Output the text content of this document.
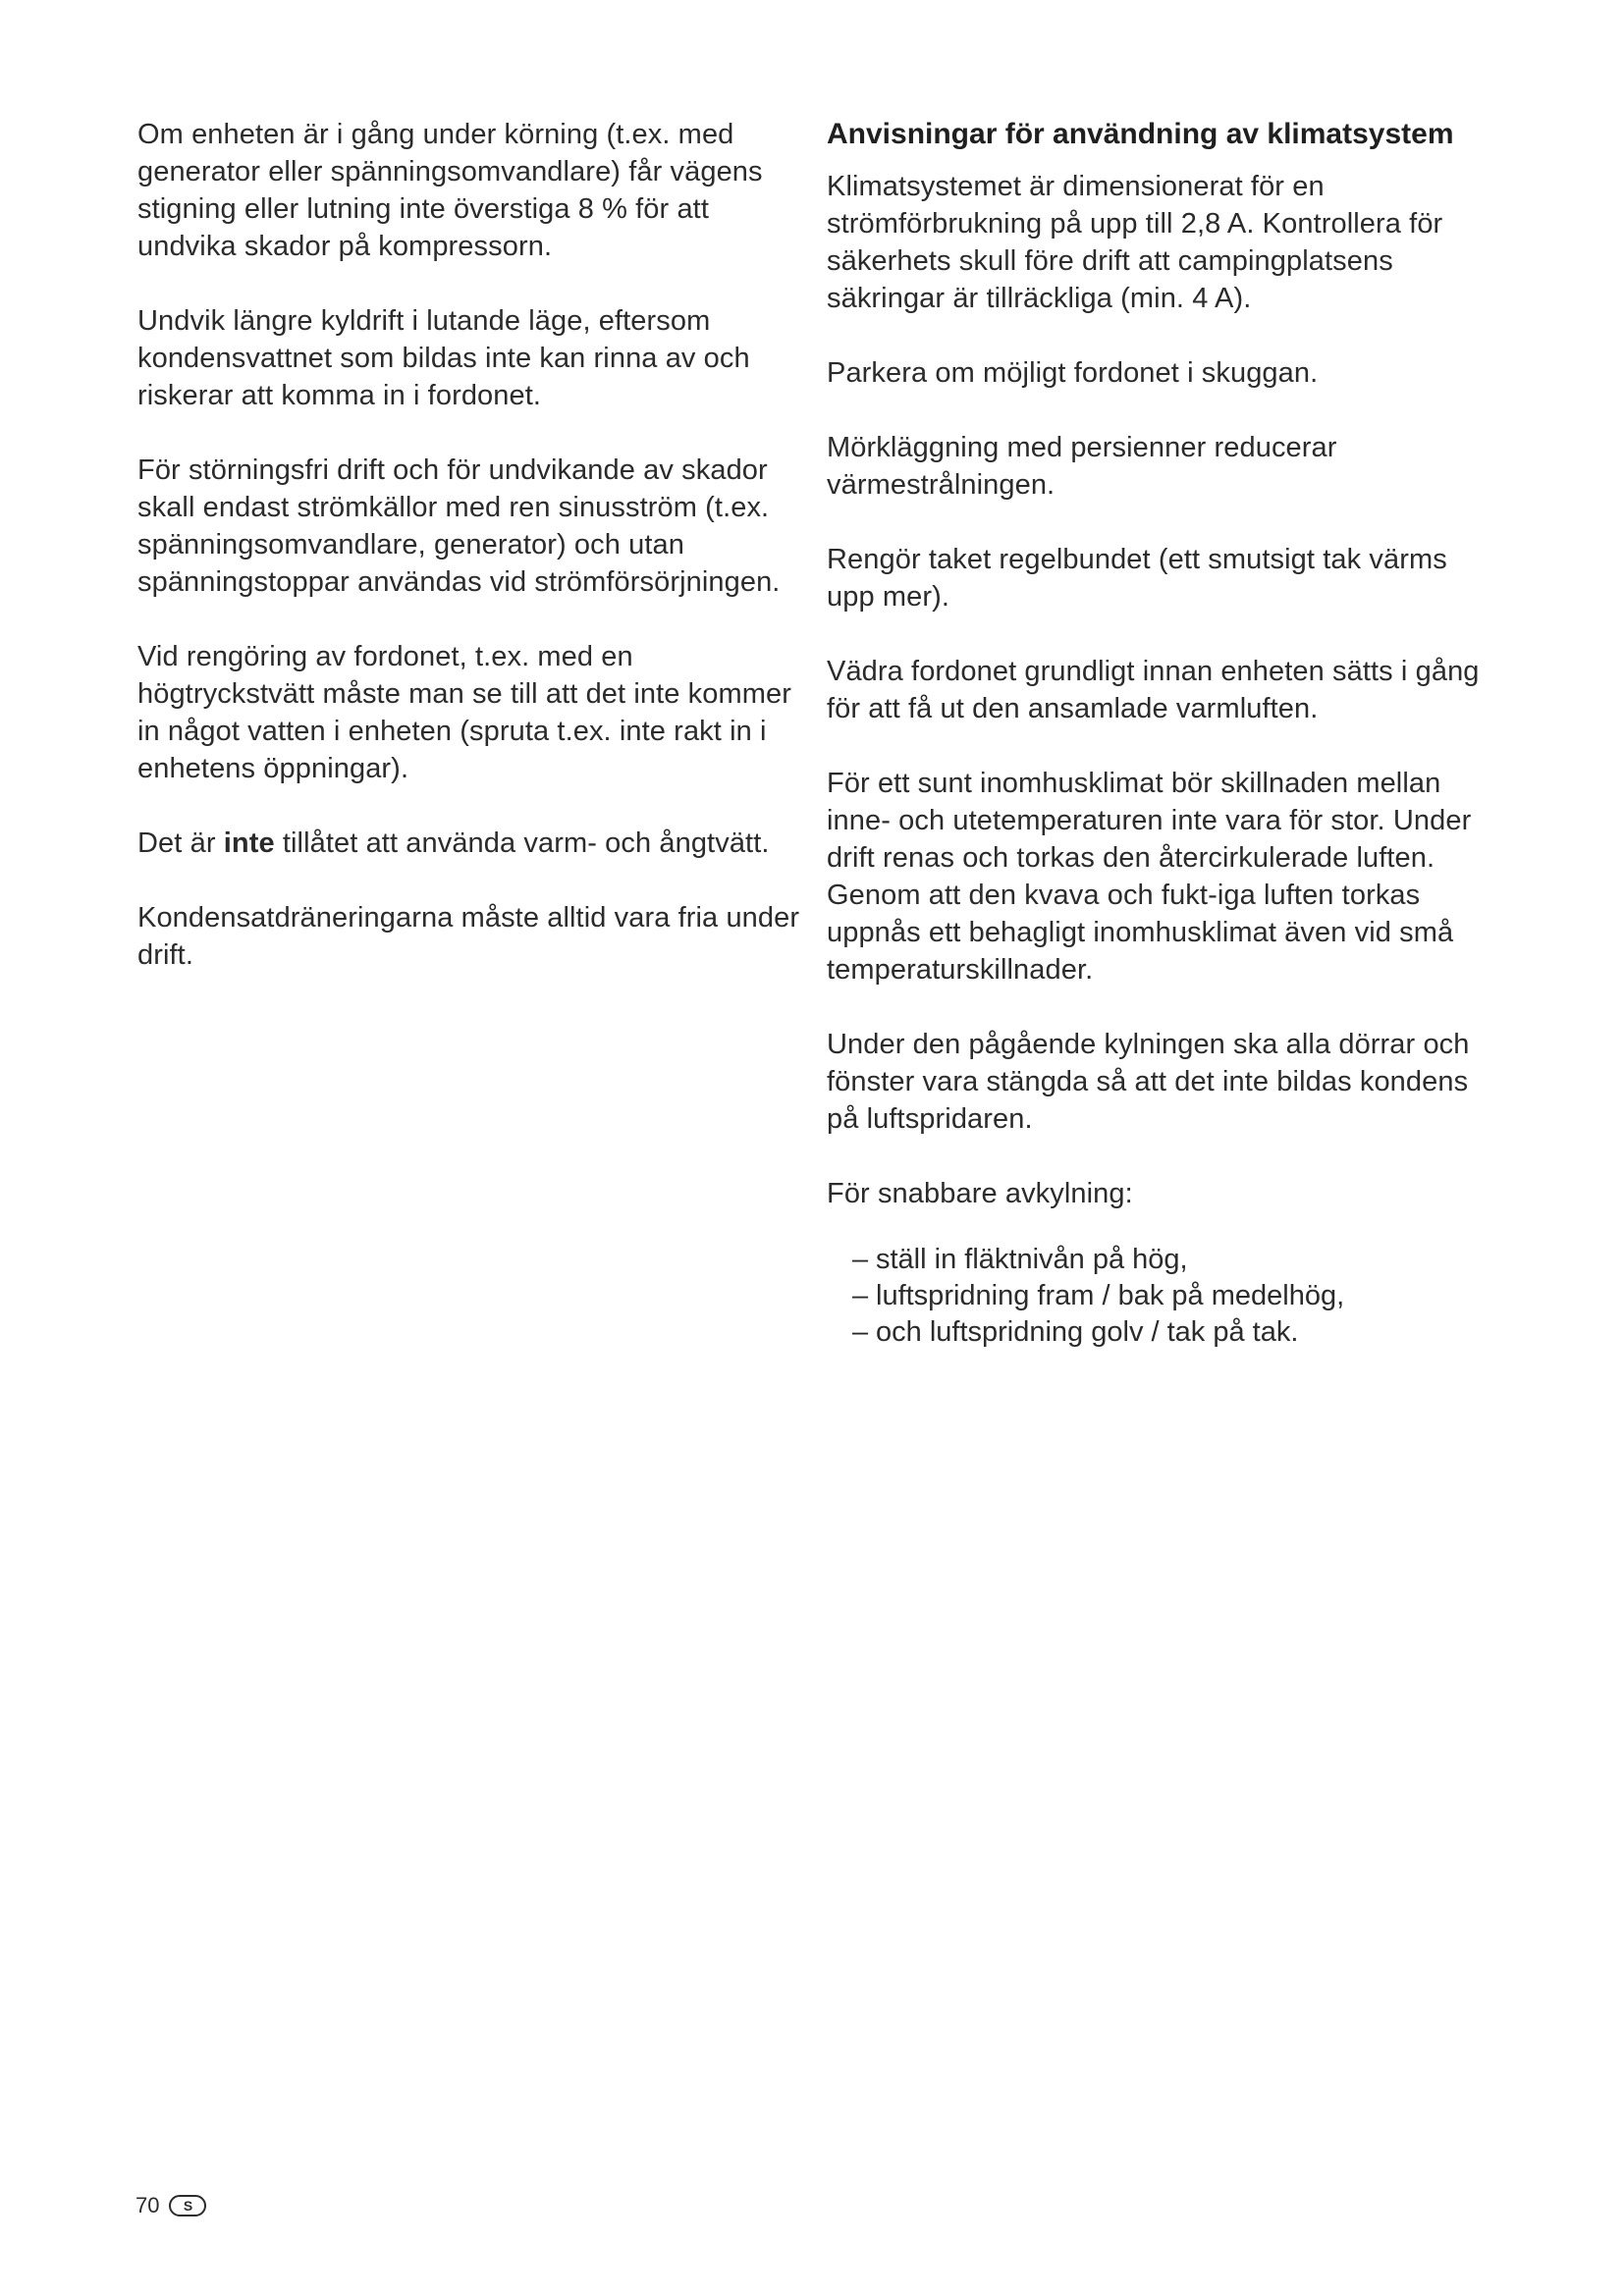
Om enheten är i gång under körning (t.ex. med generator eller spänningsomvandlare) får vägens stigning eller lutning inte överstiga 8 % för att undvika skador på kompressorn.

Undvik längre kyldrift i lutande läge, eftersom kondensvattnet som bildas inte kan rinna av och riskerar att komma in i fordonet.

För störningsfri drift och för undvikande av skador skall endast strömkällor med ren sinusström (t.ex. spänningsomvandlare, generator) och utan spänningstoppar användas vid strömförsörjningen.

Vid rengöring av fordonet, t.ex. med en högtryckstvätt måste man se till att det inte kommer in något vatten i enheten (spruta t.ex. inte rakt in i enhetens öppningar).

Det är inte tillåtet att använda varm- och ångtvätt.

Kondensatdräneringarna måste alltid vara fria under drift.

Anvisningar för användning av klimatsystem

Klimatsystemet är dimensionerat för en strömförbrukning på upp till 2,8 A. Kontrollera för säkerhets skull före drift att campingplatsens säkringar är tillräckliga (min. 4 A).

Parkera om möjligt fordonet i skuggan.

Mörkläggning med persienner reducerar värmestrålningen.

Rengör taket regelbundet (ett smutsigt tak värms upp mer).

Vädra fordonet grundligt innan enheten sätts i gång för att få ut den ansamlade varmluften.

För ett sunt inomhusklimat bör skillnaden mellan inne- och utetemperaturen inte vara för stor. Under drift renas och torkas den återcirkulerade luften. Genom att den kvava och fukt-iga luften torkas uppnås ett behagligt inomhusklimat även vid små temperaturskillnader.

Under den pågående kylningen ska alla dörrar och fönster vara stängda så att det inte bildas kondens på luftspridaren.

För snabbare avkylning:

– ställ in fläktnivån på hög,
– luftspridning fram / bak på medelhög,
– och luftspridning golv / tak på tak.
70	S
